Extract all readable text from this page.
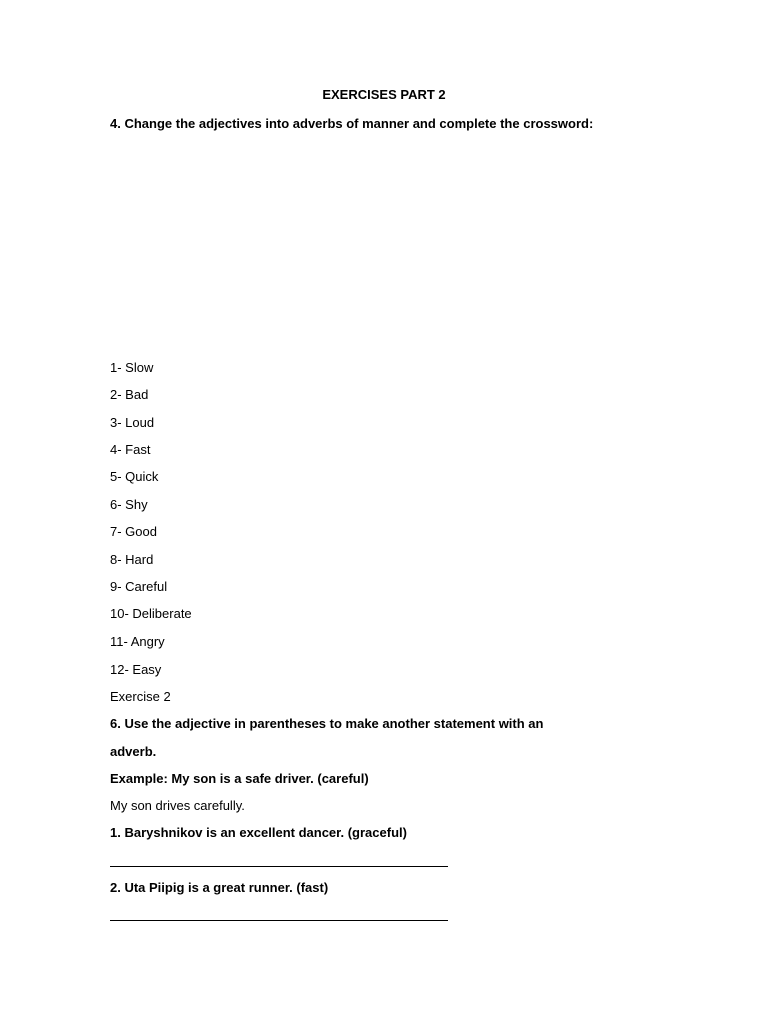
EXERCISES PART 2
4. Change the adjectives into adverbs of manner and complete the crossword:
1- Slow
2- Bad
3- Loud
4- Fast
5- Quick
6- Shy
7- Good
8- Hard
9- Careful
10- Deliberate
11- Angry
12- Easy
Exercise 2
6. Use the adjective in parentheses to make another statement with an
adverb.
Example: My son is a safe driver. (careful)
My son drives carefully.
1. Baryshnikov is an excellent dancer. (graceful)
2. Uta Piipig is a great runner. (fast)
